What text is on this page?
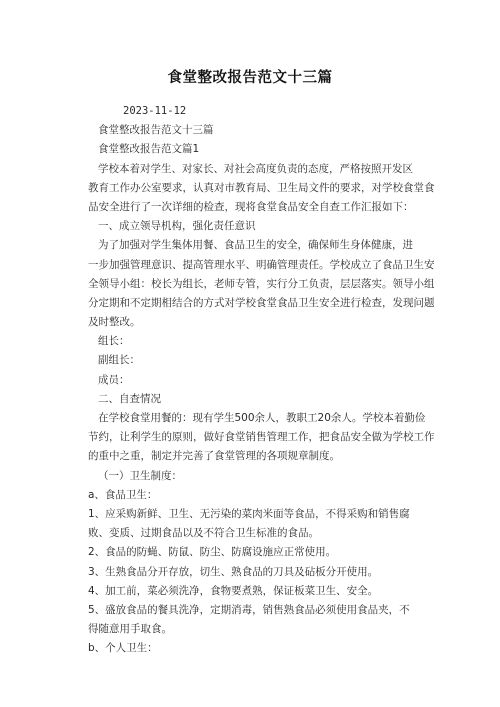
食堂整改报告范文十三篇
2023-11-12
食堂整改报告范文十三篇
食堂整改报告范文篇1
学校本着对学生、对家长、对社会高度负责的态度，严格按照开发区
教育工作办公室要求，认真对市教育局、卫生局文件的要求，对学校食堂食
品安全进行了一次详细的检查，现将食堂食品安全自查工作汇报如下：
一、成立领导机构，强化责任意识
为了加强对学生集体用餐、食品卫生的安全，确保师生身体健康，进
一步加强管理意识、提高管理水平、明确管理责任。学校成立了食品卫生安
全领导小组：校长为组长，老师专管，实行分工负责，层层落实。领导小组
分定期和不定期相结合的方式对学校食堂食品卫生安全进行检查，发现问题
及时整改。
组长：
副组长：
成员：
二、自查情况
在学校食堂用餐的：现有学生500余人，教职工20余人。学校本着勤俭
节约，让利学生的原则，做好食堂销售管理工作，把食品安全做为学校工作
的重中之重，制定并完善了食堂管理的各项规章制度。
（一）卫生制度：
a、食品卫生：
1、应采购新鲜、卫生、无污染的菜肉米面等食品，不得采购和销售腐
败、变质、过期食品以及不符合卫生标准的食品。
2、食品的防蝇、防鼠、防尘、防腐设施应正常使用。
3、生熟食品分开存放，切生、熟食品的刀具及砧板分开使用。
4、加工前，菜必须洗净，食物要煮熟，保证板菜卫生、安全。
5、盛放食品的餐具洗净，定期消毒，销售熟食品必须使用食品夹，不
得随意用手取食。
b、个人卫生：
